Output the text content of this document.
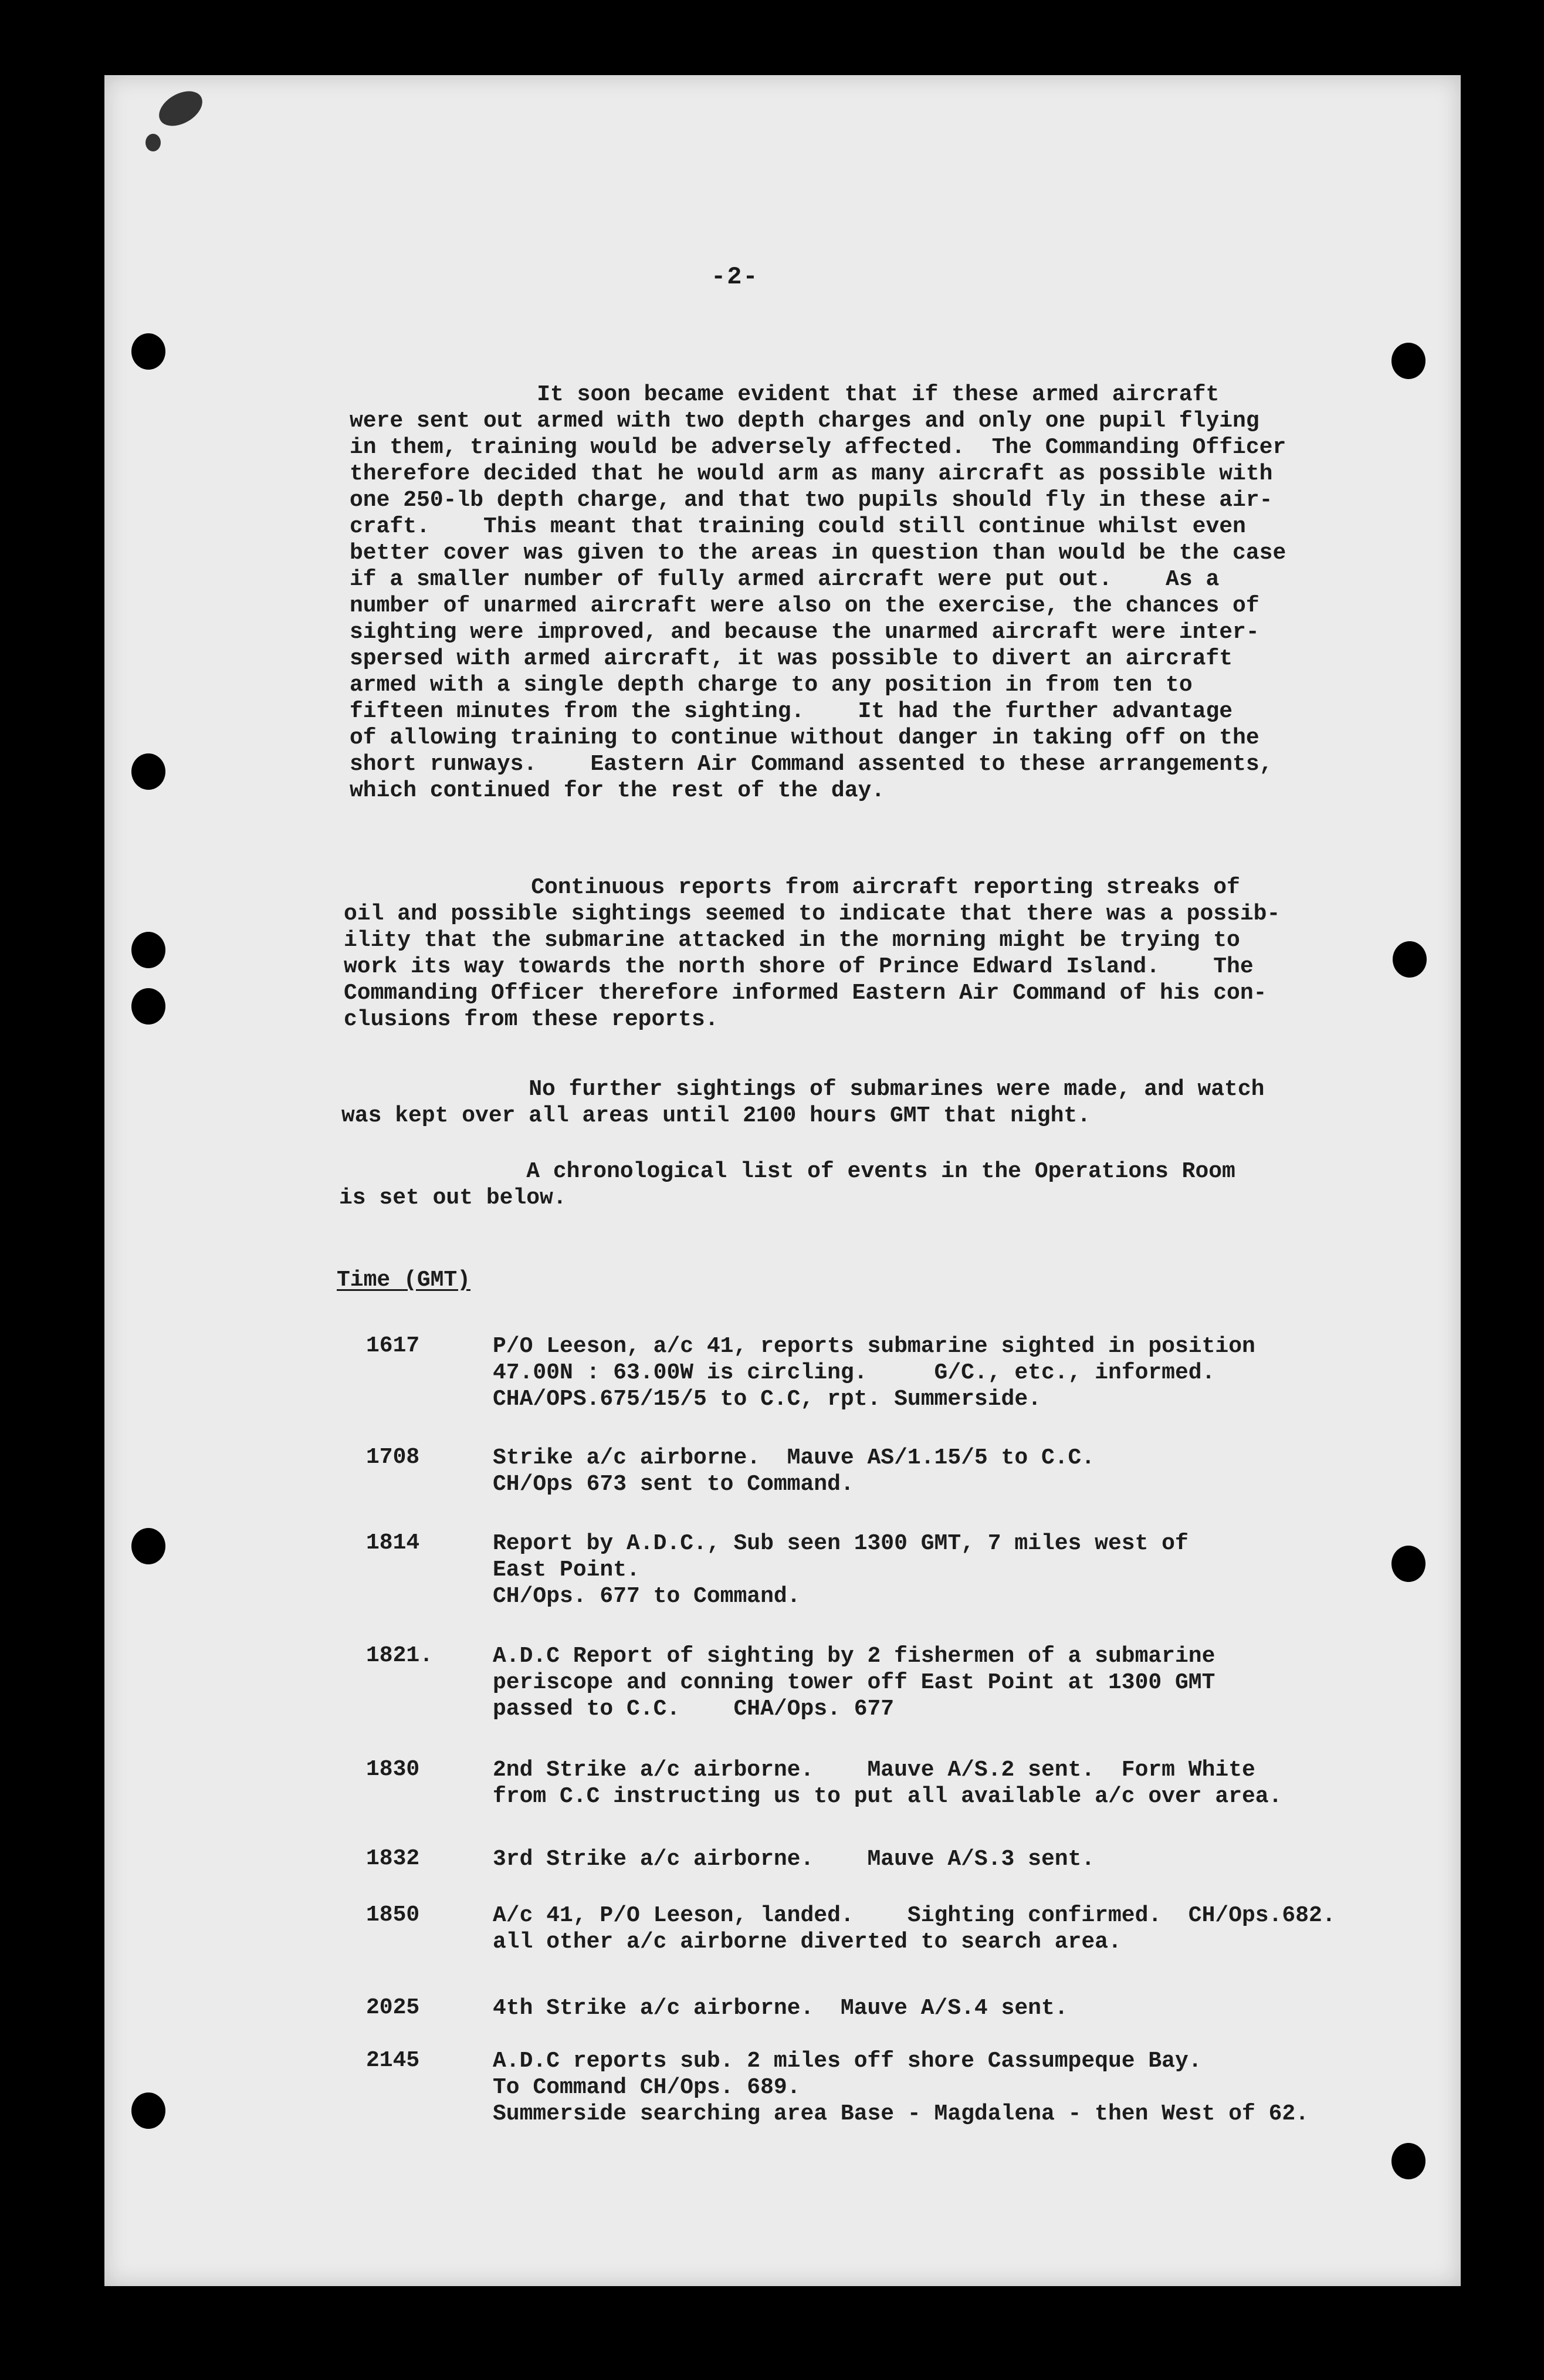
-2-

It soon became evident that if these armed aircraft
were sent out armed with two depth charges and only one pupil flying
in them, training would be adversely affected.  The Commanding Officer
therefore decided that he would arm as many aircraft as possible with
one 250-lb depth charge, and that two pupils should fly in these air-
craft.    This meant that training could still continue whilst even
better cover was given to the areas in question than would be the case
if a smaller number of fully armed aircraft were put out.    As a
number of unarmed aircraft were also on the exercise, the chances of
sighting were improved, and because the unarmed aircraft were inter-
spersed with armed aircraft, it was possible to divert an aircraft
armed with a single depth charge to any position in from ten to
fifteen minutes from the sighting.    It had the further advantage
of allowing training to continue without danger in taking off on the
short runways.    Eastern Air Command assented to these arrangements,
which continued for the rest of the day.

Continuous reports from aircraft reporting streaks of
oil and possible sightings seemed to indicate that there was a possib-
ility that the submarine attacked in the morning might be trying to
work its way towards the north shore of Prince Edward Island.    The
Commanding Officer therefore informed Eastern Air Command of his con-
clusions from these reports.

No further sightings of submarines were made, and watch
was kept over all areas until 2100 hours GMT that night.

A chronological list of events in the Operations Room
is set out below.

Time (GMT)
1617	P/O Leeson, a/c 41, reports submarine sighted in position
47.00N : 63.00W is circling.     G/C., etc., informed.
CHA/OPS.675/15/5 to C.C, rpt. Summerside.

1708	Strike a/c airborne.  Mauve AS/1.15/5 to C.C.
CH/Ops 673 sent to Command.

1814	Report by A.D.C., Sub seen 1300 GMT, 7 miles west of
East Point.
CH/Ops. 677 to Command.

1821.	A.D.C Report of sighting by 2 fishermen of a submarine
periscope and conning tower off East Point at 1300 GMT
passed to C.C.    CHA/Ops. 677

1830	2nd Strike a/c airborne.    Mauve A/S.2 sent.  Form White
from C.C instructing us to put all available a/c over area.

1832	3rd Strike a/c airborne.    Mauve A/S.3 sent.

1850	A/c 41, P/O Leeson, landed.    Sighting confirmed.  CH/Ops.682.
all other a/c airborne diverted to search area.

2025	4th Strike a/c airborne.  Mauve A/S.4 sent.

2145	A.D.C reports sub. 2 miles off shore Cassumpeque Bay.
To Command CH/Ops. 689.
Summerside searching area Base - Magdalena - then West of 62.
